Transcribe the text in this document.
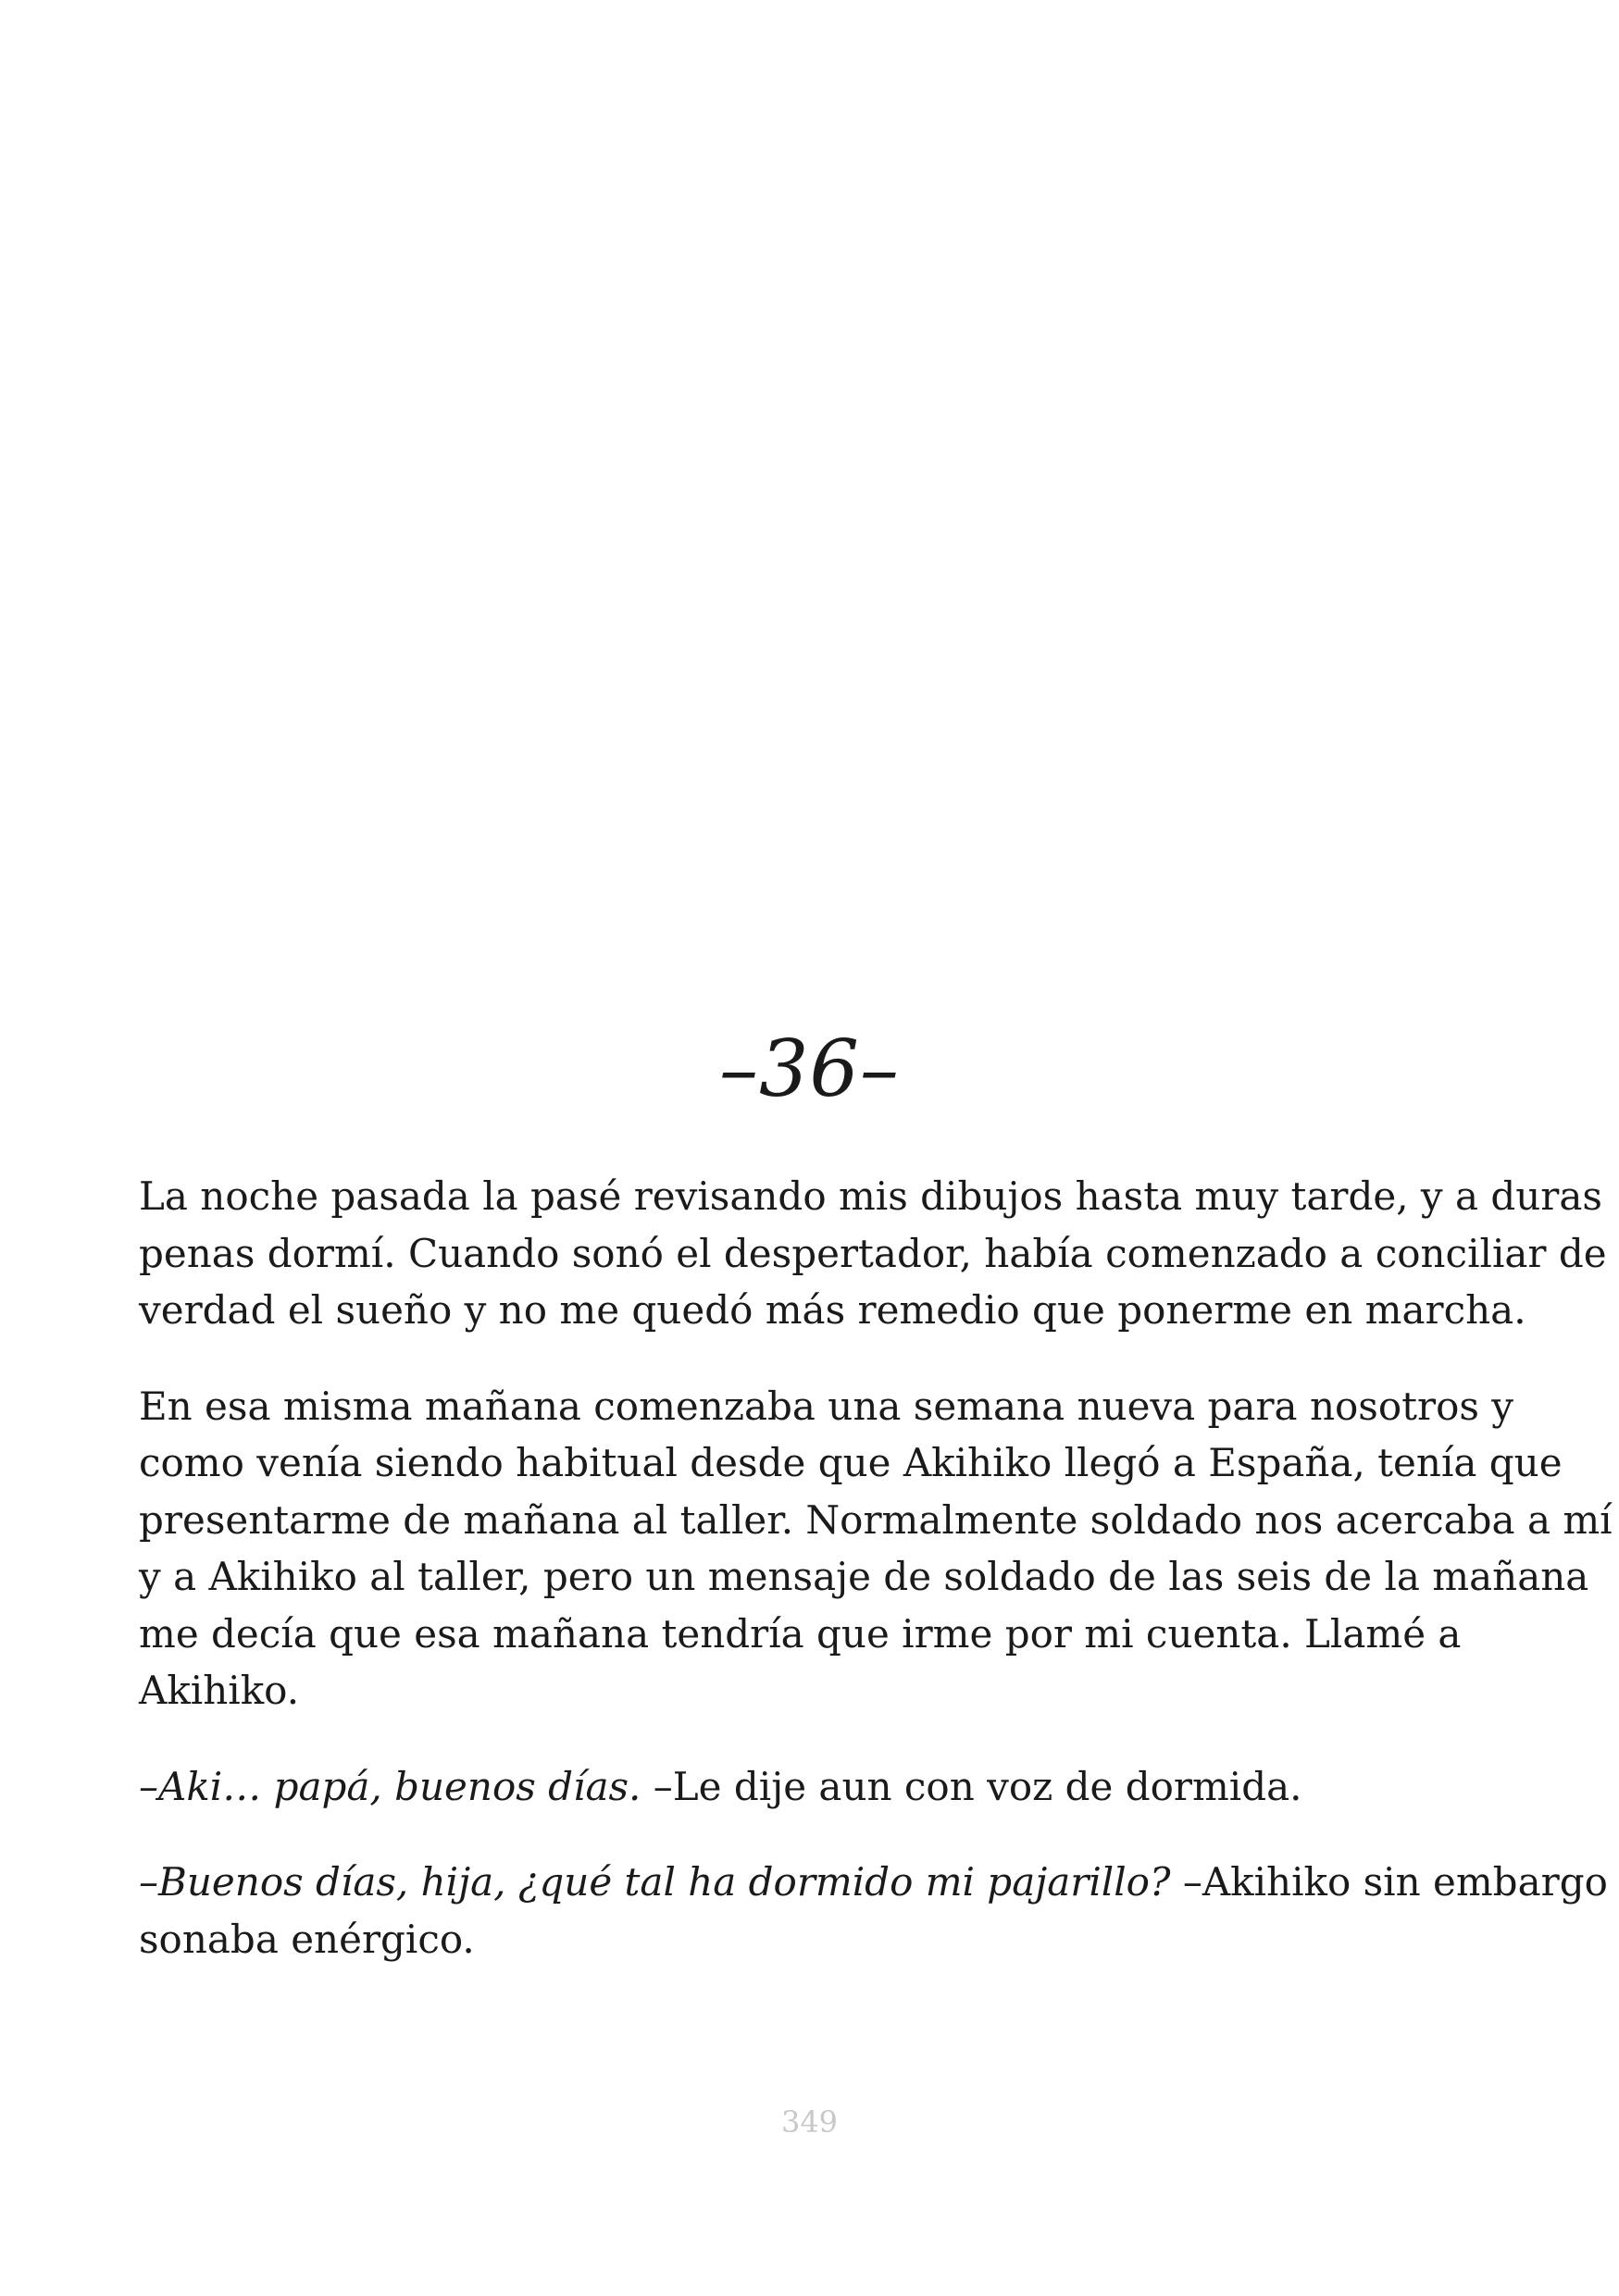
–36–

La noche pasada la pasé revisando mis dibujos hasta muy tarde, y a duras
penas dormí. Cuando sonó el despertador, había comenzado a conciliar de
verdad el sueño y no me quedó más remedio que ponerme en marcha.

En esa misma mañana comenzaba una semana nueva para nosotros y
como venía siendo habitual desde que Akihiko llegó a España, tenía que
presentarme de mañana al taller. Normalmente soldado nos acercaba a mí
y a Akihiko al taller, pero un mensaje de soldado de las seis de la mañana
me decía que esa mañana tendría que irme por mi cuenta. Llamé a
Akihiko.

–Aki… papá, buenos días. –Le dije aun con voz de dormida.

–Buenos días, hija, ¿qué tal ha dormido mi pajarillo? –Akihiko sin embargo
sonaba enérgico.

349
